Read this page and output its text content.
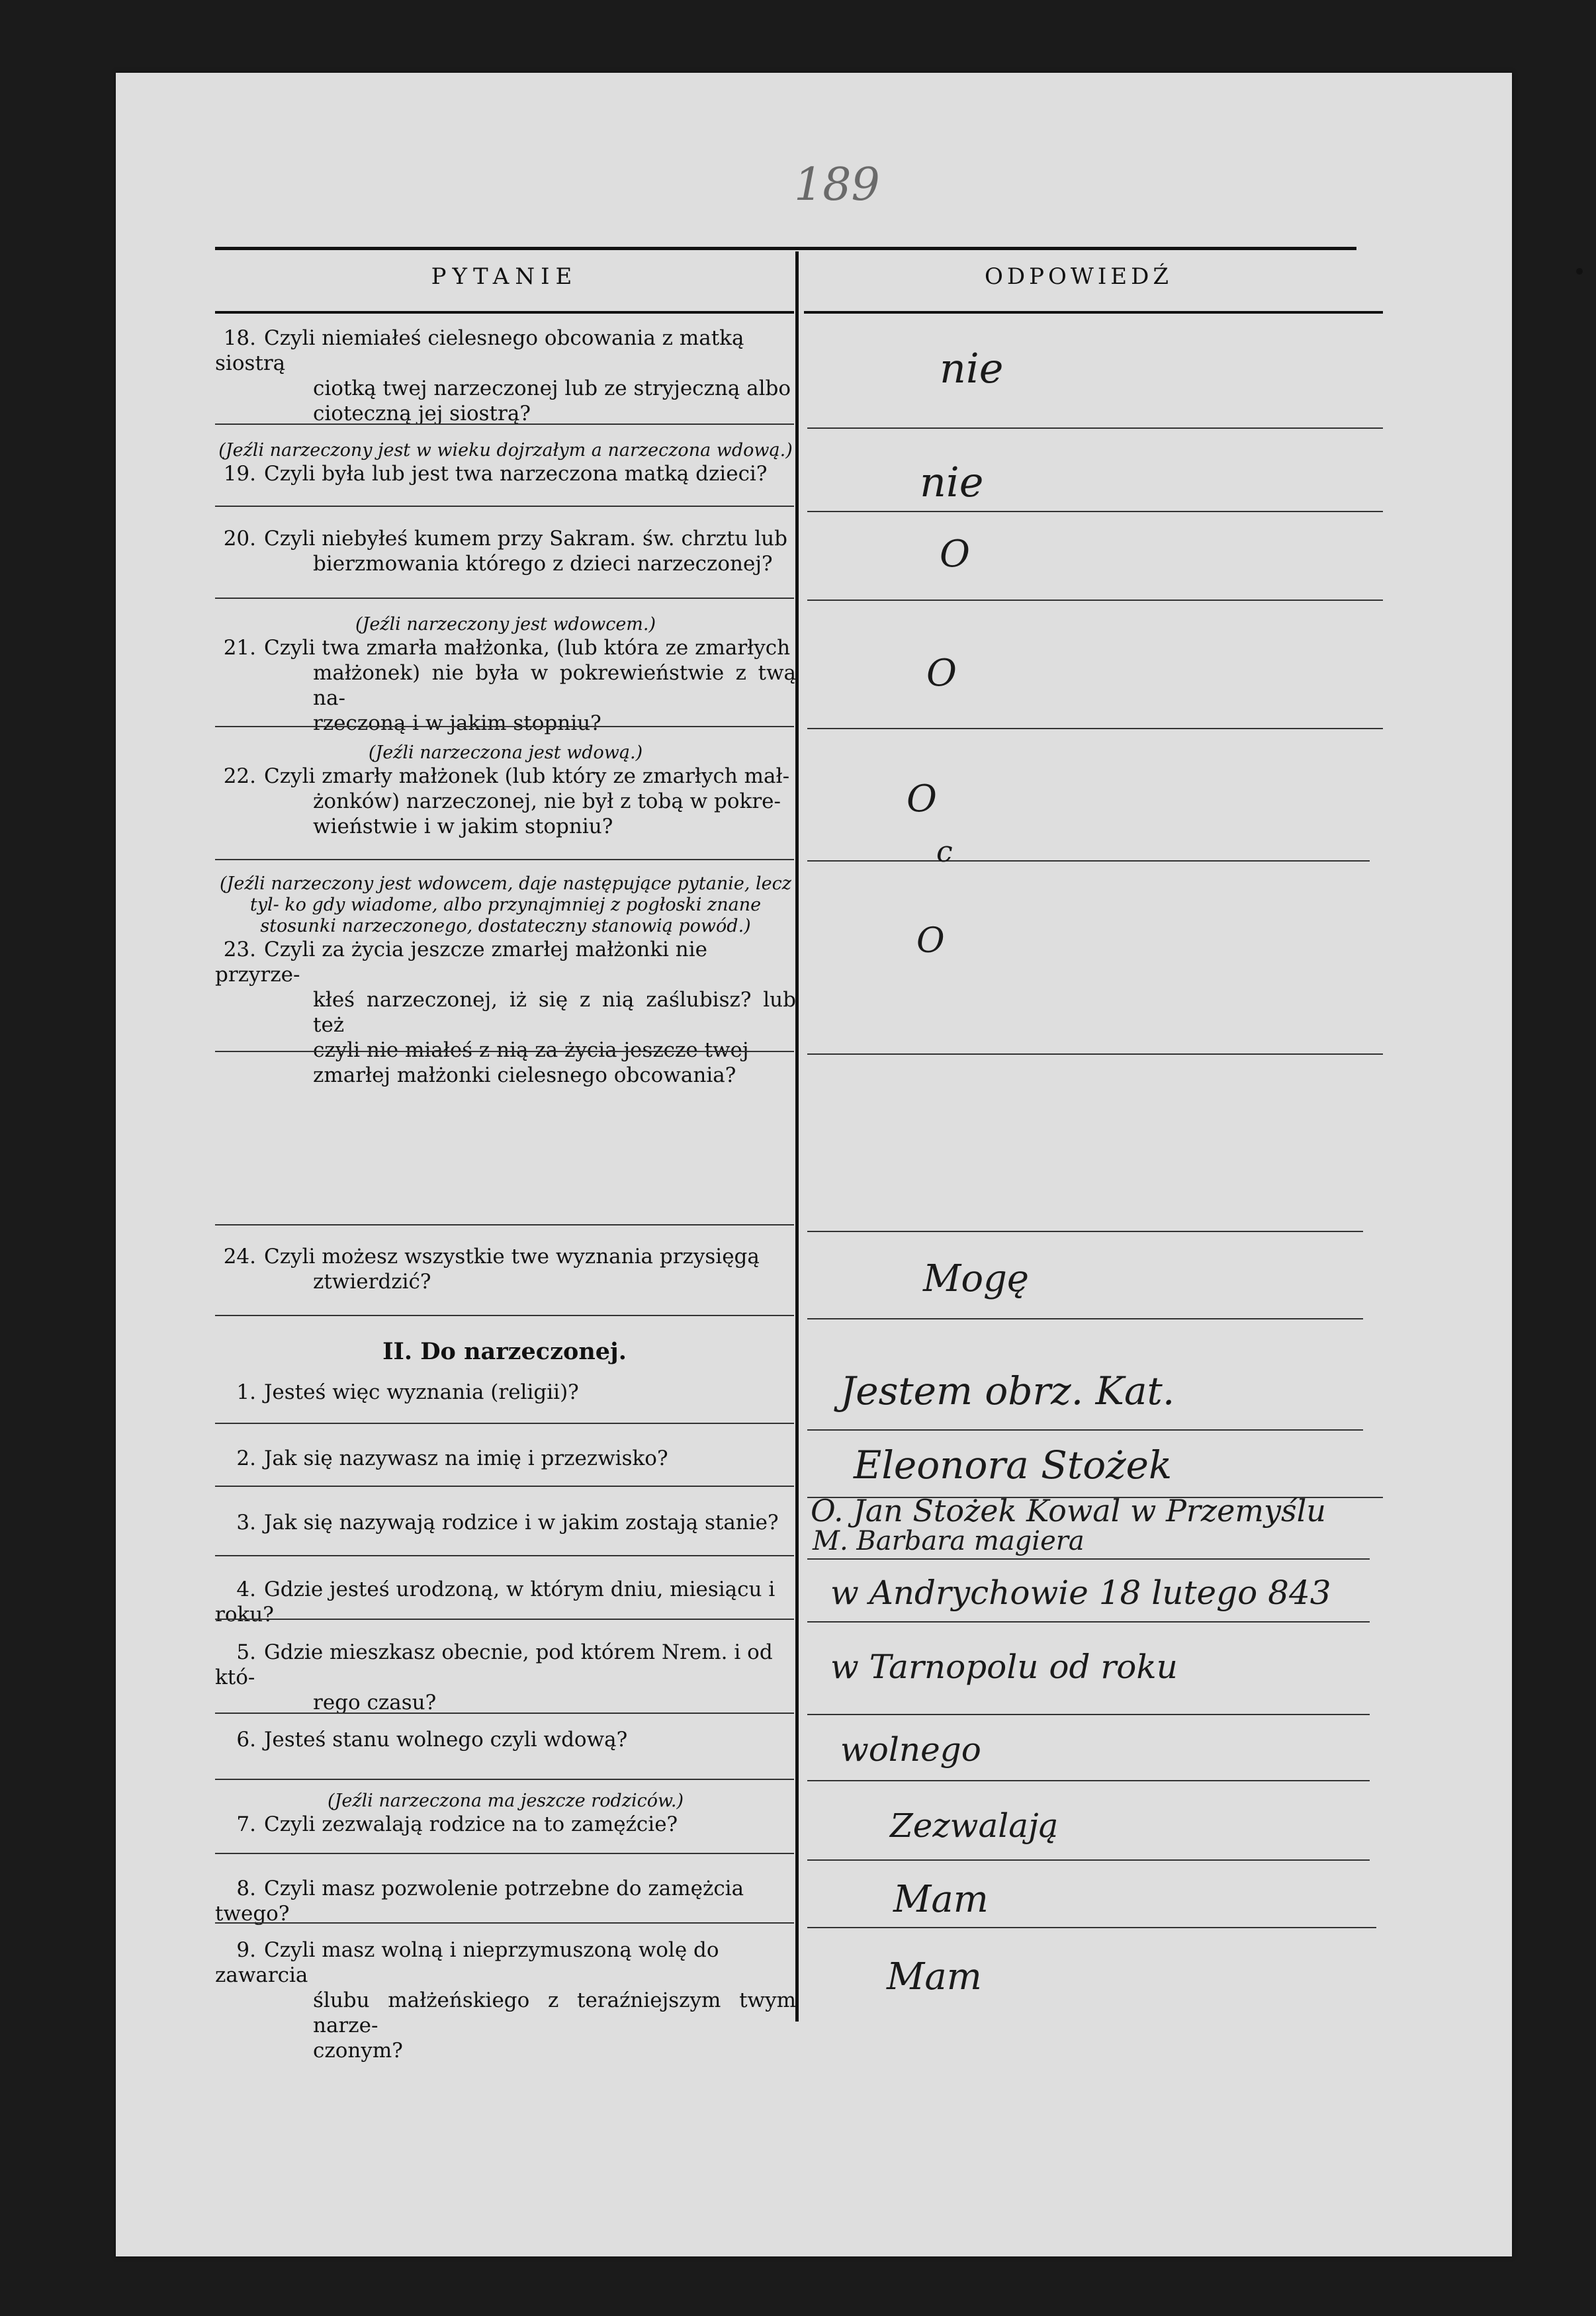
189
PYTANIE	ODPOWIEDŹ
18. Czyli niemiałeś cielesnego obcowania z matką siostrą
ciotką twej narzeczonej lub ze stryjeczną albo
cioteczną jej siostrą?
(Jeźli narzeczony jest w wieku dojrzałym a narzeczona wdową.)
19. Czyli była lub jest twa narzeczona matką dzieci?
20. Czyli niebyłeś kumem przy Sakram. św. chrztu lub
bierzmowania którego z dzieci narzeczonej?
(Jeźli narzeczony jest wdowcem.)
21. Czyli twa zmarła małżonka, (lub która ze zmarłych
małżonek) nie była w pokrewieństwie z twą na-
rzeczoną i w jakim stopniu?
(Jeźli narzeczona jest wdową.)
22. Czyli zmarły małżonek (lub który ze zmarłych mał-
żonków) narzeczonej, nie był z tobą w pokre-
wieństwie i w jakim stopniu?
(Jeźli narzeczony jest wdowcem, daje następujące pytanie, lecz tyl- ko gdy wiadome, albo przynajmniej z pogłoski znane stosunki narzeczonego, dostateczny stanowią powód.)
23. Czyli za życia jeszcze zmarłej małżonki nie przyrze-
kłeś narzeczonej, iż się z nią zaślubisz? lub też
czyli nie miałeś z nią za życia jeszcze twej
zmarłej małżonki cielesnego obcowania?
24. Czyli możesz wszystkie twe wyznania przysięgą
ztwierdzić?
II. Do narzeczonej.
1. Jesteś więc wyznania (religii)?
2. Jak się nazywasz na imię i przezwisko?
3. Jak się nazywają rodzice i w jakim zostają stanie?
4. Gdzie jesteś urodzoną, w którym dniu, miesiącu i roku?
5. Gdzie mieszkasz obecnie, pod którem Nrem. i od któ-
rego czasu?
6. Jesteś stanu wolnego czyli wdową?
(Jeźli narzeczona ma jeszcze rodziców.)
7. Czyli zezwalają rodzice na to zamęźcie?
8. Czyli masz pozwolenie potrzebne do zamężcia twego?
9. Czyli masz wolną i nieprzymuszoną wolę do zawarcia
ślubu małżeńskiego z teraźniejszym twym narze-
czonym?
nie
nie
O
O
O
c
O
Mogę
Jestem obrz. Kat.
Eleonora Stożek
O. Jan Stożek Kowal w Przemyślu
M. Barbara magiera
w Andrychowie 18 lutego 843
w Tarnopolu od roku
wolnego
Zezwalają
Mam
Mam
